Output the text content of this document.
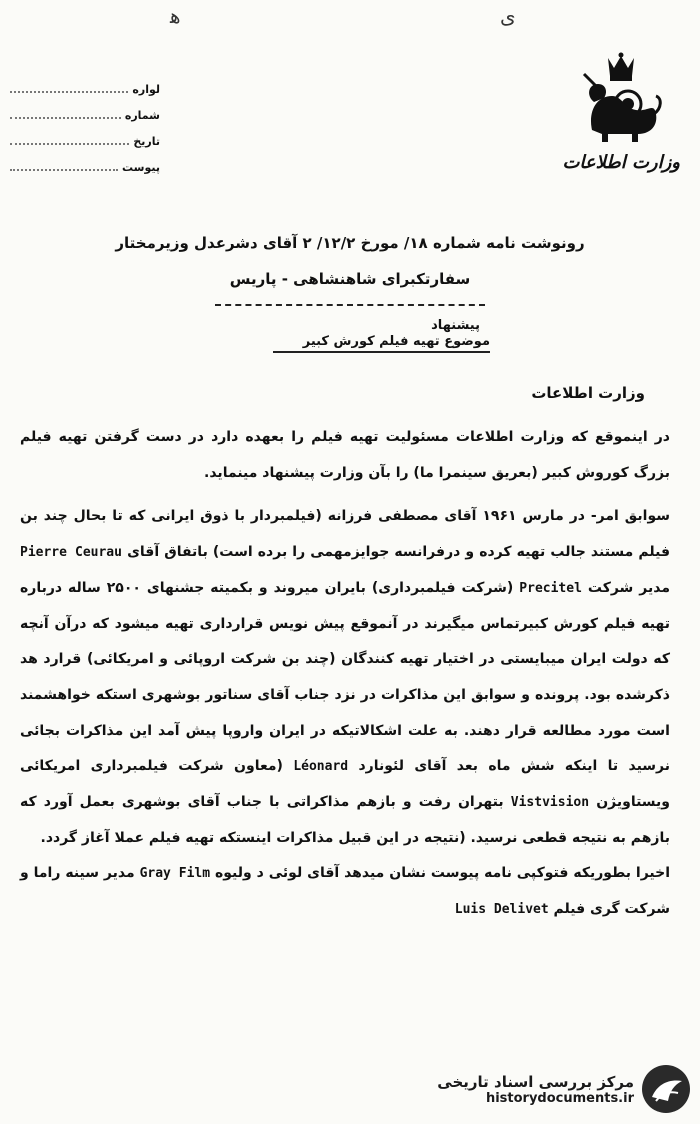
ﻫ	ﻯ
لواره
شماره
تاریخ
پیوست	وزارت اطلاعات
رونوشت نامه شماره ۱۸/ مورخ ۱۲/۲/ ۲ آقای دشرعدل وزیرمختار
سفارتکبرای شاهنشاهی - پاریس
پیشنهاد
موضوع تهیه فیلم کورش کبیر
وزارت اطلاعات

در اینموقع که وزارت اطلاعات مسئولیت تهیه فیلم را بعهده دارد در دست گرفتن تهیه فیلم بزرگ کوروش کبیر (بعریق سینمرا ما) را بآن وزارت پیشنهاد مینماید.

سوابق امر- در مارس ۱۹۶۱ آقای مصطفی فرزانه (فیلمبردار با ذوق ایرانی که تا بحال چند بن فیلم مستند جالب تهیه کرده و درفرانسه جوایزمهمی را برده است) باتفاق آقای Pierre Ceurau مدیر شرکت Precitel (شرکت فیلمبرداری) بایران میروند و بکمیته جشنهای ۲۵۰۰ ساله درباره تهیه فیلم کورش کبیرتماس میگیرند در آنموقع پیش نویس قرارداری تهیه میشود که درآن آنچه که دولت ایران میبایستی در اختیار تهیه کنندگان (چند بن شرکت اروپائی و امریکائی) قرارد هد ذکرشده بود. پرونده و سوابق این مذاکرات در نزد جناب آقای سناتور بوشهری استکه خواهشمند است مورد مطالعه قرار دهند. به علت اشکالاتیکه در ایران واروپا پیش آمد این مذاکرات بجائی نرسید تا اینکه شش ماه بعد آقای لئونارد Léonard (معاون شرکت فیلمبرداری امریکائی ویستاویژن Vistvision بتهران رفت و بازهم مذاکراتی با جناب آقای بوشهری بعمل آورد که بازهم به نتیجه قطعی نرسید. (نتیجه در این قبیل مذاکرات اینستکه تهیه فیلم عملا آغاز گردد.

اخیرا بطوریکه فتوکپی نامه پیوست نشان میدهد آقای لوئی د ولیوه Gray Film مدیر سینه راما و شرکت گری فیلم Luis Delivet

مرکز بررسی اسناد تاریخی
historydocuments.ir
